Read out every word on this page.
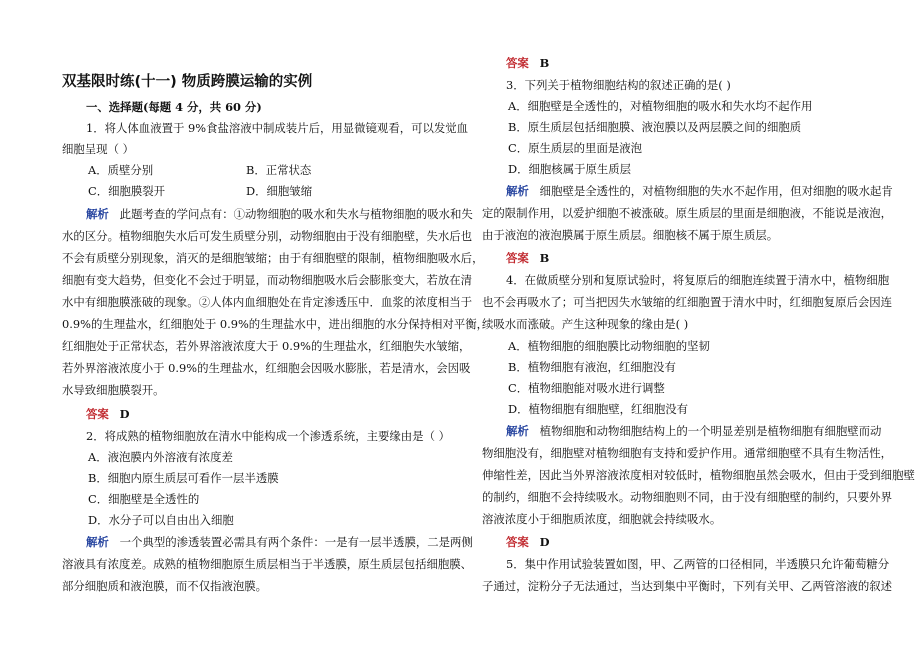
双基限时练(十一) 物质跨膜运输的实例
一、选择题(每题 4 分，共 60 分)
1．将人体血液置于 9%食盐溶液中制成装片后，用显微镜观看，可以发觉血
细胞呈现（ ）
A．质壁分别	B．正常状态
C．细胞膜裂开	D．细胞皱缩
解析 此题考查的学问点有：①动物细胞的吸水和失水与植物细胞的吸水和失
水的区分。植物细胞失水后可发生质壁分别，动物细胞由于没有细胞壁，失水后也
不会有质壁分别现象，消灭的是细胞皱缩；由于有细胞壁的限制，植物细胞吸水后，
细胞有变大趋势，但变化不会过于明显，而动物细胞吸水后会膨胀变大，若放在清
水中有细胞膜涨破的现象。②人体内血细胞处在肯定渗透压中．血浆的浓度相当于
0.9%的生理盐水，红细胞处于 0.9%的生理盐水中，进出细胞的水分保持相对平衡，
红细胞处于正常状态，若外界溶液浓度大于 0.9%的生理盐水，红细胞失水皱缩，
若外界溶液浓度小于 0.9%的生理盐水，红细胞会因吸水膨胀，若是清水，会因吸
水导致细胞膜裂开。
答案 D
2．将成熟的植物细胞放在清水中能构成一个渗透系统，主要缘由是（ ）
A．液泡膜内外溶液有浓度差
B．细胞内原生质层可看作一层半透膜
C．细胞壁是全透性的
D．水分子可以自由出入细胞
解析 一个典型的渗透装置必需具有两个条件：一是有一层半透膜，二是两侧
溶液具有浓度差。成熟的植物细胞原生质层相当于半透膜，原生质层包括细胞膜、
部分细胞质和液泡膜，而不仅指液泡膜。
答案 B
3．下列关于植物细胞结构的叙述正确的是( )
A．细胞壁是全透性的，对植物细胞的吸水和失水均不起作用
B．原生质层包括细胞膜、液泡膜以及两层膜之间的细胞质
C．原生质层的里面是液泡
D．细胞核属于原生质层
解析 细胞壁是全透性的，对植物细胞的失水不起作用，但对细胞的吸水起肯
定的限制作用，以爱护细胞不被涨破。原生质层的里面是细胞液，不能说是液泡，
由于液泡的液泡膜属于原生质层。细胞核不属于原生质层。
答案 B
4．在做质壁分别和复原试验时，将复原后的细胞连续置于清水中，植物细胞
也不会再吸水了；可当把因失水皱缩的红细胞置于清水中时，红细胞复原后会因连
续吸水而涨破。产生这种现象的缘由是( )
A．植物细胞的细胞膜比动物细胞的坚韧
B．植物细胞有液泡，红细胞没有
C．植物细胞能对吸水进行调整
D．植物细胞有细胞壁，红细胞没有
解析 植物细胞和动物细胞结构上的一个明显差别是植物细胞有细胞壁而动
物细胞没有，细胞壁对植物细胞有支持和爱护作用。通常细胞壁不具有生物活性，
伸缩性差，因此当外界溶液浓度相对较低时，植物细胞虽然会吸水，但由于受到细胞壁
的制约，细胞不会持续吸水。动物细胞则不同，由于没有细胞壁的制约，只要外界
溶液浓度小于细胞质浓度，细胞就会持续吸水。
答案 D
5．集中作用试验装置如图，甲、乙两管的口径相同，半透膜只允许葡萄糖分
子通过，淀粉分子无法通过，当达到集中平衡时，下列有关甲、乙两管溶液的叙述
